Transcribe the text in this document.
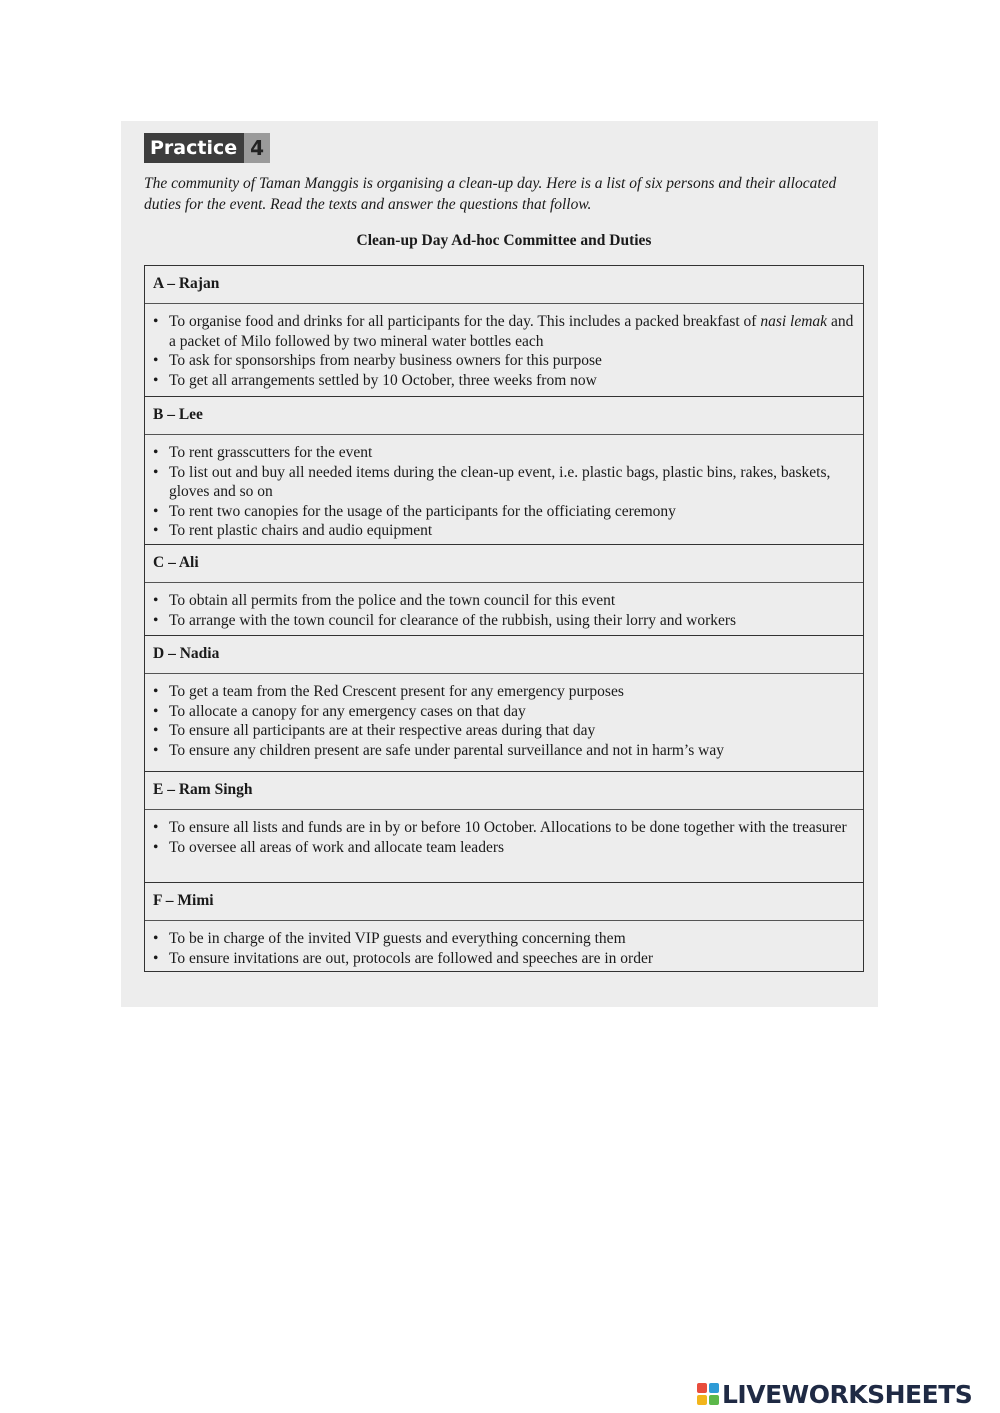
Practice 4
The community of Taman Manggis is organising a clean-up day. Here is a list of six persons and their allocated duties for the event. Read the texts and answer the questions that follow.
Clean-up Day Ad-hoc Committee and Duties
A – Rajan
• To organise food and drinks for all participants for the day. This includes a packed breakfast of nasi lemak and a packet of Milo followed by two mineral water bottles each
• To ask for sponsorships from nearby business owners for this purpose
• To get all arrangements settled by 10 October, three weeks from now
B – Lee
• To rent grasscutters for the event
• To list out and buy all needed items during the clean-up event, i.e. plastic bags, plastic bins, rakes, baskets, gloves and so on
• To rent two canopies for the usage of the participants for the officiating ceremony
• To rent plastic chairs and audio equipment
C – Ali
• To obtain all permits from the police and the town council for this event
• To arrange with the town council for clearance of the rubbish, using their lorry and workers
D – Nadia
• To get a team from the Red Crescent present for any emergency purposes
• To allocate a canopy for any emergency cases on that day
• To ensure all participants are at their respective areas during that day
• To ensure any children present are safe under parental surveillance and not in harm’s way
E – Ram Singh
• To ensure all lists and funds are in by or before 10 October. Allocations to be done together with the treasurer
• To oversee all areas of work and allocate team leaders
F – Mimi
• To be in charge of the invited VIP guests and everything concerning them
• To ensure invitations are out, protocols are followed and speeches are in order
LIVEWORKSHEETS
